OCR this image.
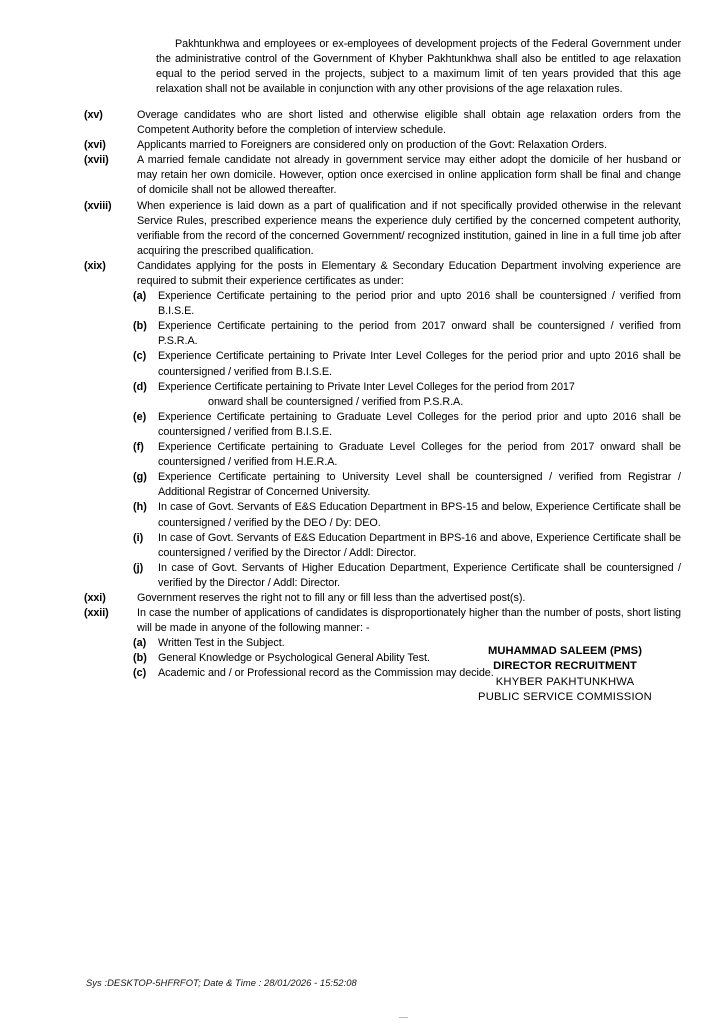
Pakhtunkhwa and employees or ex-employees of development projects of the Federal Government under the administrative control of the Government of Khyber Pakhtunkhwa shall also be entitled to age relaxation equal to the period served in the projects, subject to a maximum limit of ten years provided that this age relaxation shall not be available in conjunction with any other provisions of the age relaxation rules.

(xv)	Overage candidates who are short listed and otherwise eligible shall obtain age relaxation orders from the Competent Authority before the completion of interview schedule.
(xvi)	Applicants married to Foreigners are considered only on production of the Govt: Relaxation Orders.
(xvii)	A married female candidate not already in government service may either adopt the domicile of her husband or may retain her own domicile. However, option once exercised in online application form shall be final and change of domicile shall not be allowed thereafter.
(xviii)	When experience is laid down as a part of qualification and if not specifically provided otherwise in the relevant Service Rules, prescribed experience means the experience duly certified by the concerned competent authority, verifiable from the record of the concerned Government/ recognized institution, gained in line in a full time job after acquiring the prescribed qualification.
(xix)	Candidates applying for the posts in Elementary & Secondary Education Department involving experience are required to submit their experience certificates as under:
(a)	Experience Certificate pertaining to the period prior and upto 2016 shall be countersigned / verified from B.I.S.E.
(b)	Experience Certificate pertaining to the period from 2017 onward shall be countersigned / verified from P.S.R.A.
(c)	Experience Certificate pertaining to Private Inter Level Colleges for the period prior and upto 2016 shall be countersigned / verified from B.I.S.E.
(d)	Experience Certificate pertaining to Private Inter Level Colleges for the period from 2017
onward shall be countersigned / verified from P.S.R.A.
(e)	Experience Certificate pertaining to Graduate Level Colleges for the period prior and upto 2016 shall be countersigned / verified from B.I.S.E.
(f)	Experience Certificate pertaining to Graduate Level Colleges for the period from 2017 onward shall be countersigned / verified from H.E.R.A.
(g)	Experience Certificate pertaining to University Level shall be countersigned / verified from Registrar / Additional Registrar of Concerned University.
(h)	In case of Govt. Servants of E&S Education Department in BPS-15 and below, Experience Certificate shall be countersigned / verified by the DEO / Dy: DEO.
(i)	In case of Govt. Servants of E&S Education Department in BPS-16 and above, Experience Certificate shall be countersigned / verified by the Director / Addl: Director.
(j)	In case of Govt. Servants of Higher Education Department, Experience Certificate shall be countersigned / verified by the Director / Addl: Director.
(xxi)	Government reserves the right not to fill any or fill less than the advertised post(s).
(xxii)	In case the number of applications of candidates is disproportionately higher than the number of posts, short listing will be made in anyone of the following manner: -
(a)	Written Test in the Subject.
(b)	General Knowledge or Psychological General Ability Test.
(c)	Academic and / or Professional record as the Commission may decide.
MUHAMMAD SALEEM (PMS)
DIRECTOR RECRUITMENT
KHYBER PAKHTUNKHWA
PUBLIC SERVICE COMMISSION
Sys :DESKTOP-5HFRFOT; Date & Time : 28/01/2026 - 15:52:08
